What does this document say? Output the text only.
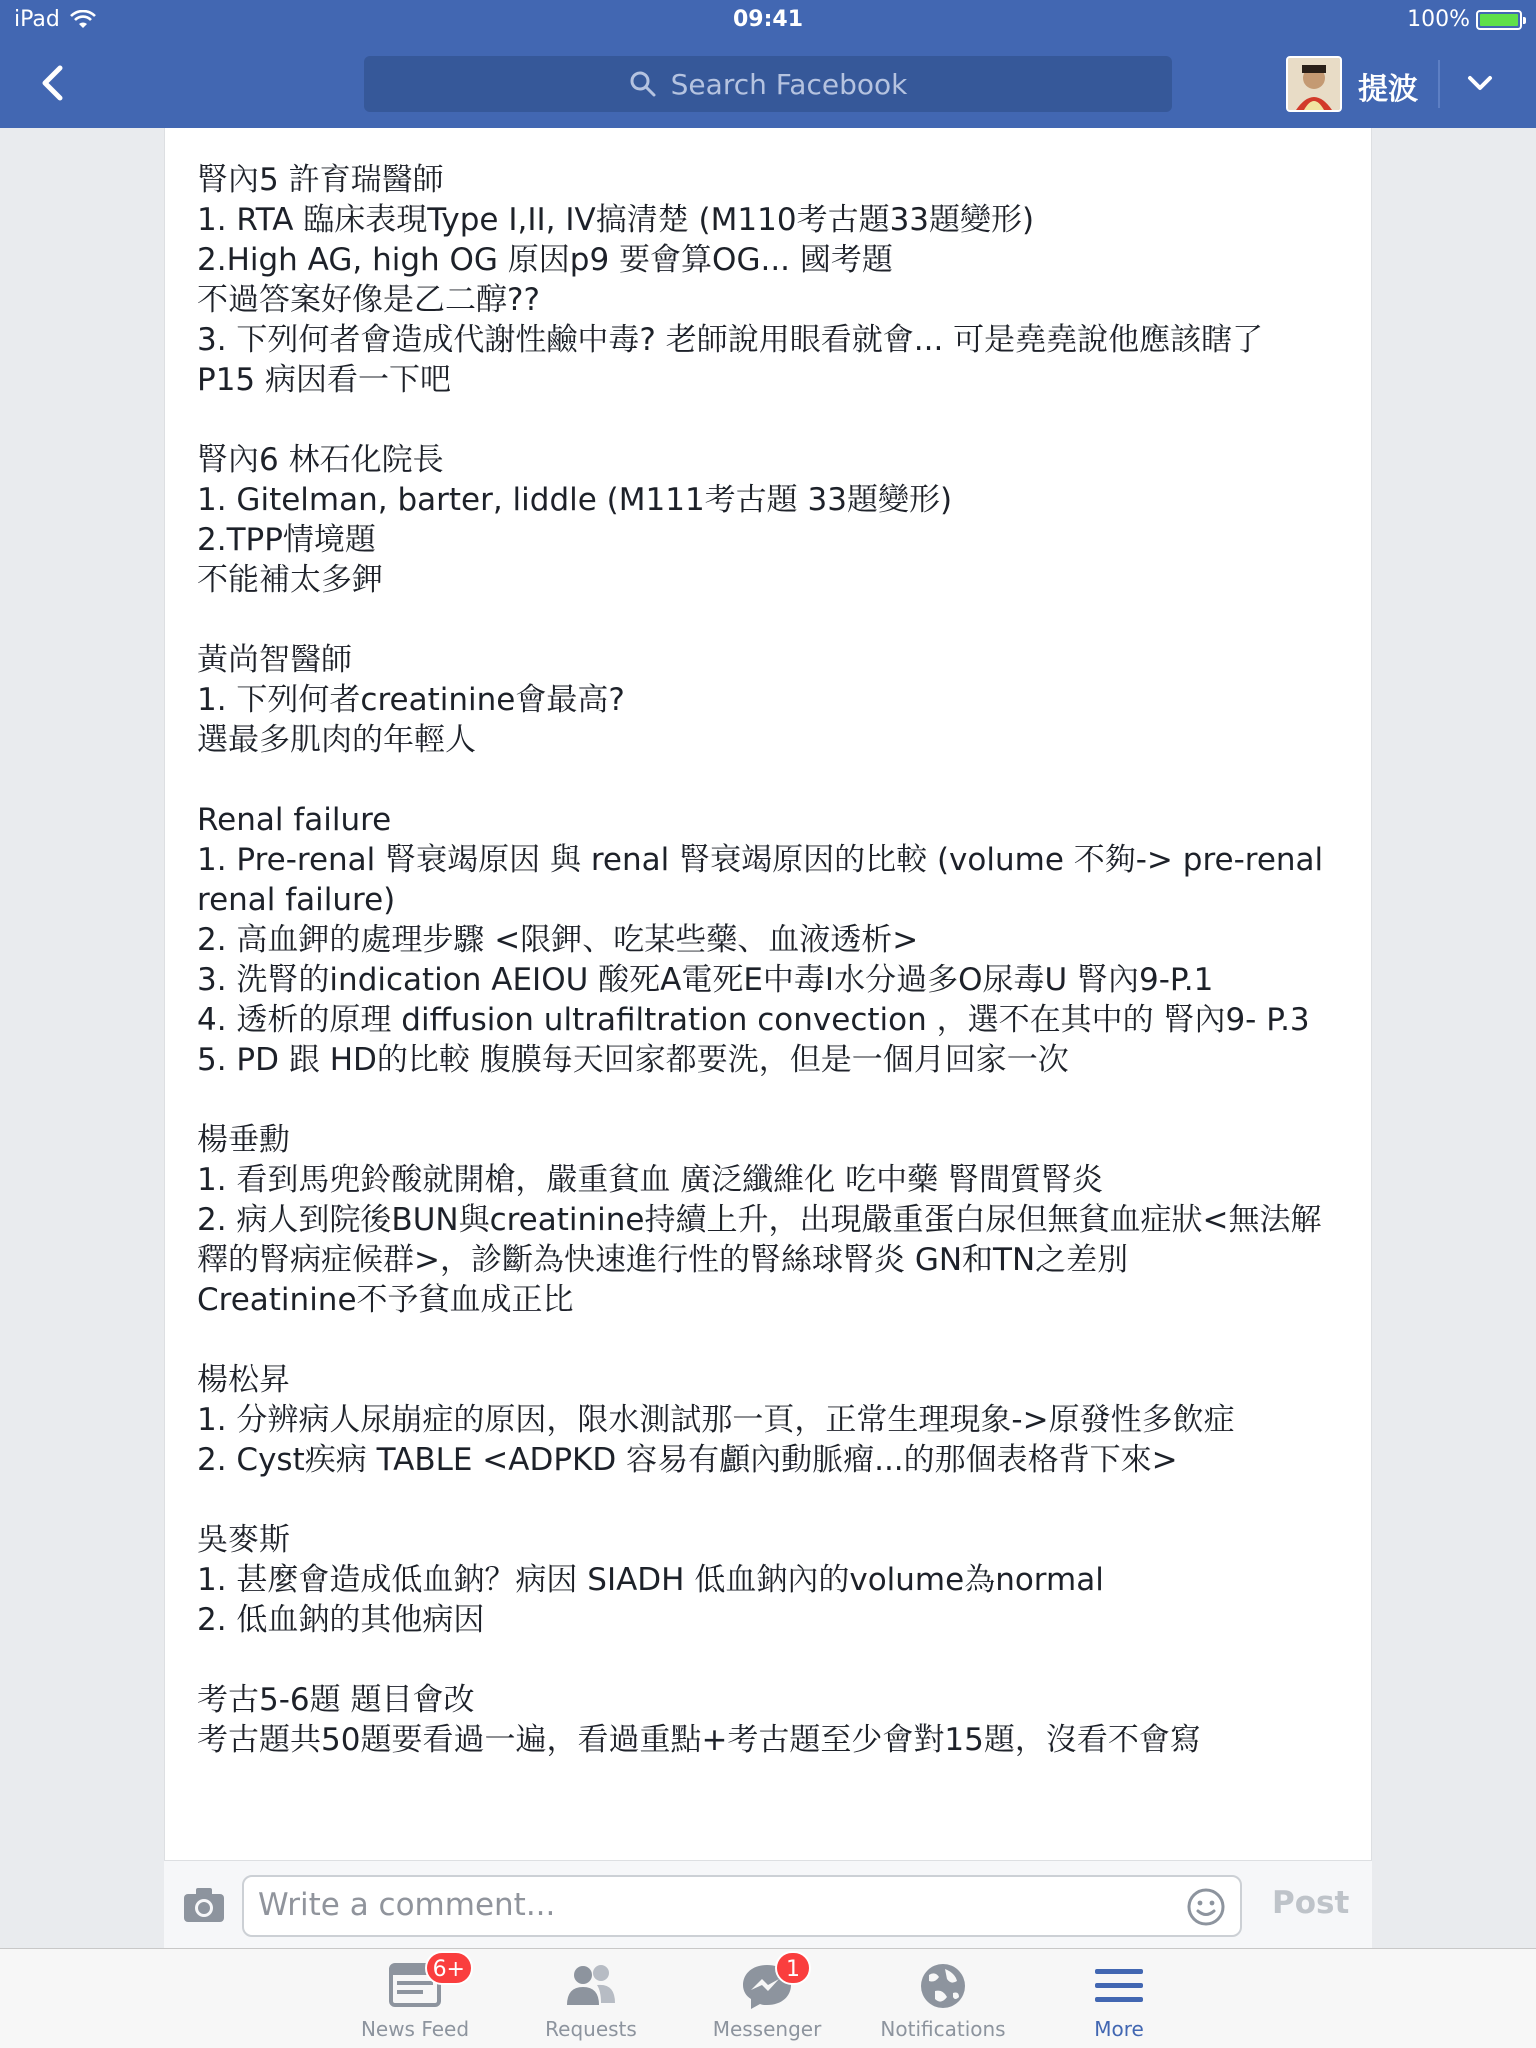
iPad	09:41	100%
Search Facebook	提波
腎內5 許育瑞醫師
1. RTA 臨床表現Type I,II, IV搞清楚 (M110考古題33題變形)
2.High AG, high OG 原因p9 要會算OG... 國考題
不過答案好像是乙二醇??
3. 下列何者會造成代謝性鹼中毒? 老師說用眼看就會... 可是堯堯說他應該瞎了
P15 病因看一下吧
腎內6 林石化院長
1. Gitelman, barter, liddle (M111考古題 33題變形)
2.TPP情境題
不能補太多鉀
黃尚智醫師
1. 下列何者creatinine會最高?
選最多肌肉的年輕人
Renal failure
1. Pre-renal 腎衰竭原因 與 renal 腎衰竭原因的比較 (volume 不夠-> pre-renal renal failure)
2. 高血鉀的處理步驟 <限鉀、吃某些藥、血液透析>
3. 洗腎的indication AEIOU 酸死A電死E中毒I水分過多O尿毒U 腎內9-P.1
4. 透析的原理 diffusion ultrafiltration convection ，選不在其中的 腎內9- P.3
5. PD 跟 HD的比較 腹膜每天回家都要洗，但是一個月回家一次
楊垂勳
1. 看到馬兜鈴酸就開槍，嚴重貧血 廣泛纖維化 吃中藥 腎間質腎炎
2. 病人到院後BUN與creatinine持續上升，出現嚴重蛋白尿但無貧血症狀<無法解釋的腎病症候群>，診斷為快速進行性的腎絲球腎炎 GN和TN之差別
Creatinine不予貧血成正比
楊松昇
1. 分辨病人尿崩症的原因，限水測試那一頁，正常生理現象->原發性多飲症
2. Cyst疾病 TABLE <ADPKD 容易有顱內動脈瘤...的那個表格背下來>
吳麥斯
1. 甚麼會造成低血鈉？病因 SIADH 低血鈉內的volume為normal
2. 低血鈉的其他病因
考古5-6題 題目會改
考古題共50題要看過一遍，看過重點+考古題至少會對15題，沒看不會寫
Write a comment...	Post
6+
News Feed	Requests
1
Messenger	Notifications	More
